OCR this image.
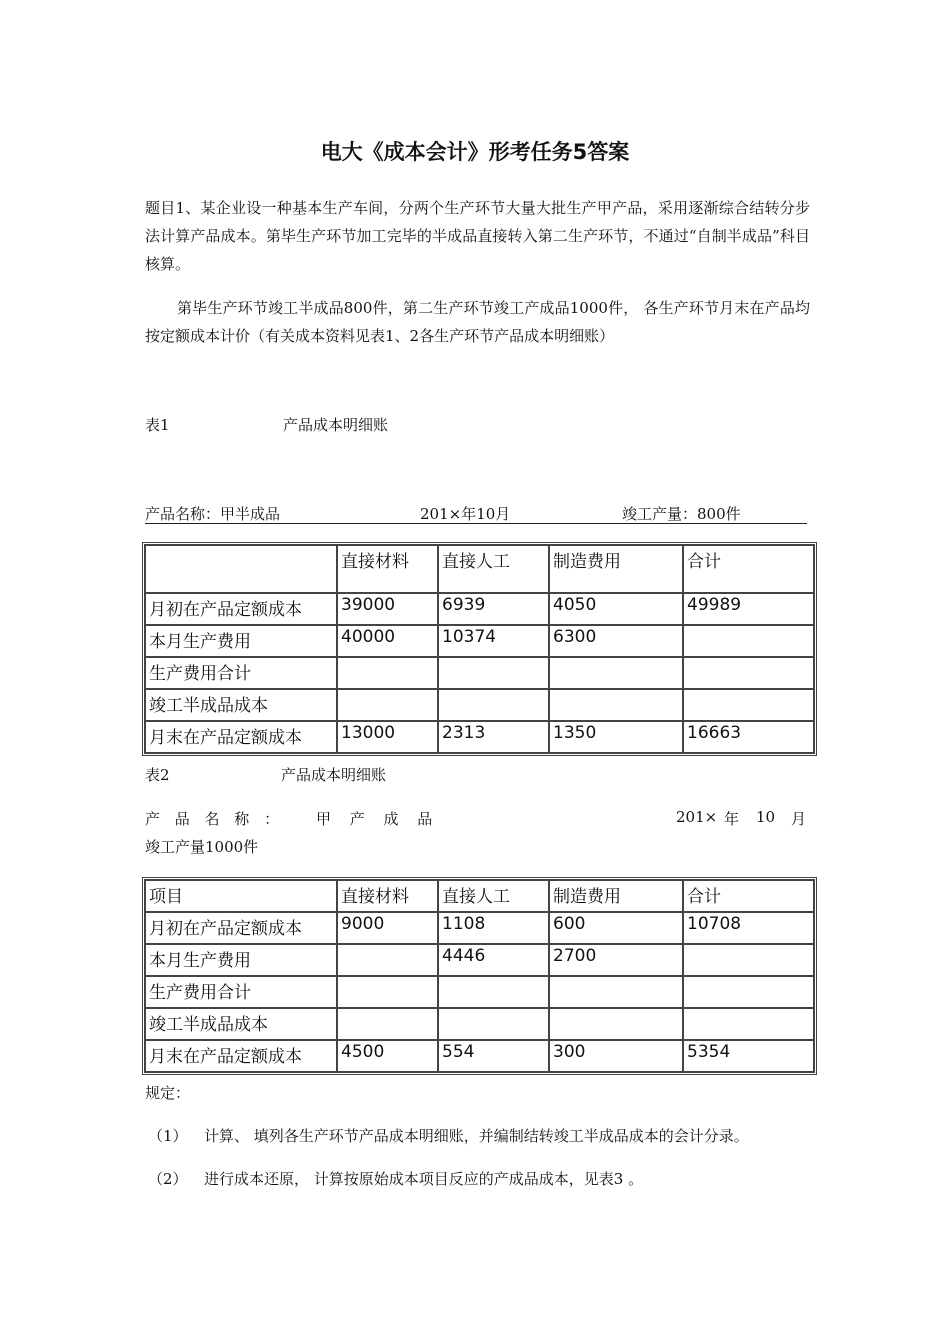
电大《成本会计》形考任务5答案
题目1、某企业设一种基本生产车间，分两个生产环节大量大批生产甲产品，采用逐渐综合结转分步法计算产品成本。第毕生产环节加工完毕的半成品直接转入第二生产环节，不通过“自制半成品”科目核算。
第毕生产环节竣工半成品800件，第二生产环节竣工产成品1000件， 各生产环节月末在产品均按定额成本计价（有关成本资料见表1、2各生产环节产品成本明细账）
表1	产品成本明细账
产品名称：甲半成品	201×年10月	竣工产量：800件
	直接材料	直接人工	制造费用	合计
月初在产品定额成本	39000	6939	4050	49989
本月生产费用	40000	10374	6300	
生产费用合计				
竣工半成品成本				
月末在产品定额成本	13000	2313	1350	16663
表2	产品成本明细账
产 品 名 称 ： 甲 产 成 品	201× 年 10 月
竣工产量1000件
项目	直接材料	直接人工	制造费用	合计
月初在产品定额成本	9000	1108	600	10708
本月生产费用		4446	2700	
生产费用合计				
竣工半成品成本				
月末在产品定额成本	4500	554	300	5354
规定：
（1） 计算、 填列各生产环节产品成本明细账，并编制结转竣工半成品成本的会计分录。
（2） 进行成本还原， 计算按原始成本项目反应的产成品成本，见表3 。
